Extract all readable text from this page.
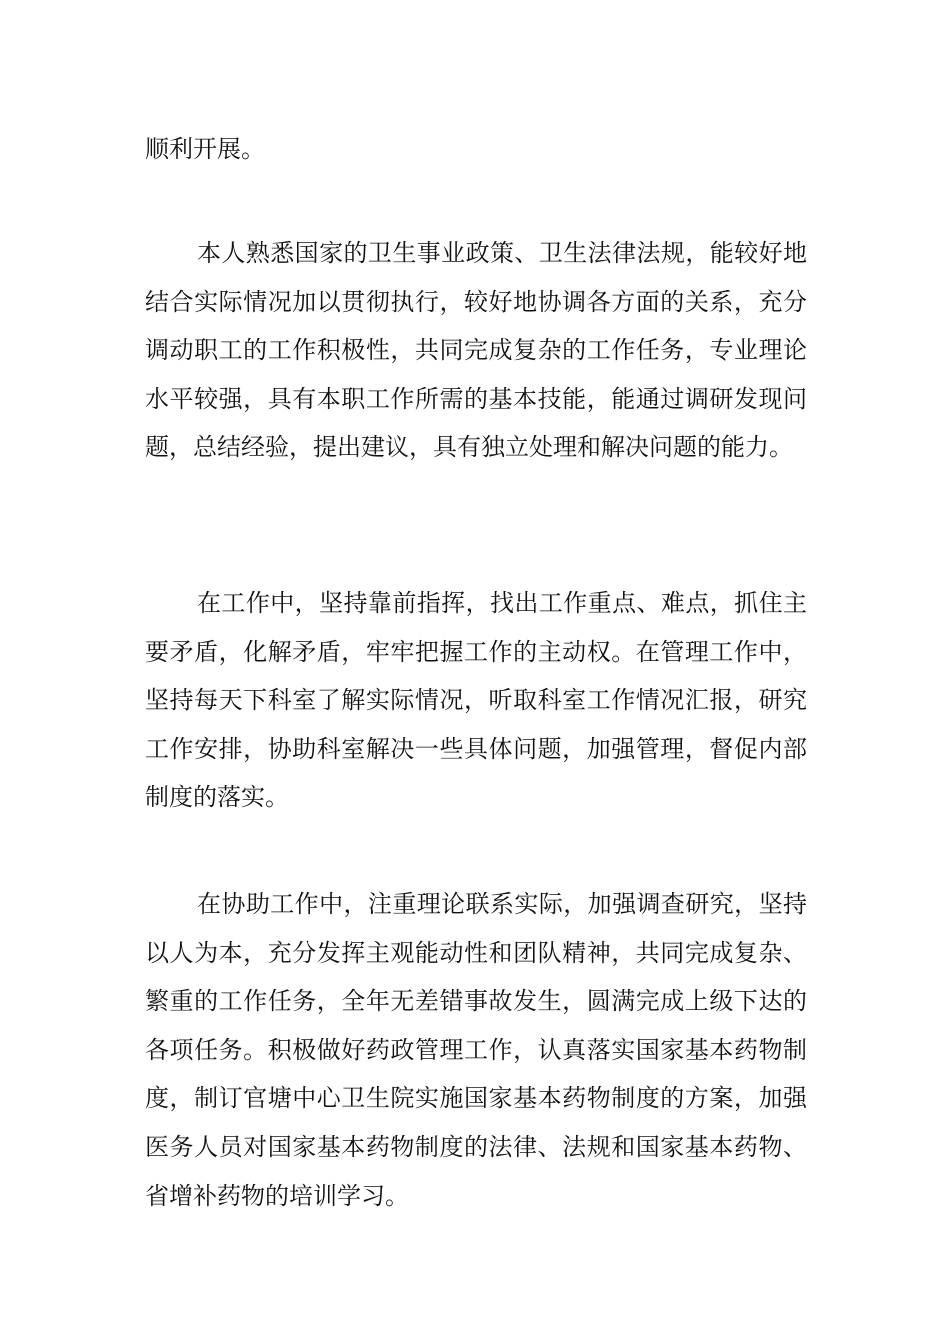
顺利开展。

本人熟悉国家的卫生事业政策、卫生法律法规，能较好地结合实际情况加以贯彻执行，较好地协调各方面的关系，充分调动职工的工作积极性，共同完成复杂的工作任务，专业理论水平较强，具有本职工作所需的基本技能，能通过调研发现问题，总结经验，提出建议，具有独立处理和解决问题的能力。

在工作中，坚持靠前指挥，找出工作重点、难点，抓住主要矛盾，化解矛盾，牢牢把握工作的主动权。在管理工作中，坚持每天下科室了解实际情况，听取科室工作情况汇报，研究工作安排，协助科室解决一些具体问题，加强管理，督促内部制度的落实。

在协助工作中，注重理论联系实际，加强调查研究，坚持以人为本，充分发挥主观能动性和团队精神，共同完成复杂、繁重的工作任务，全年无差错事故发生，圆满完成上级下达的各项任务。积极做好药政管理工作，认真落实国家基本药物制度，制订官塘中心卫生院实施国家基本药物制度的方案，加强医务人员对国家基本药物制度的法律、法规和国家基本药物、省增补药物的培训学习。
